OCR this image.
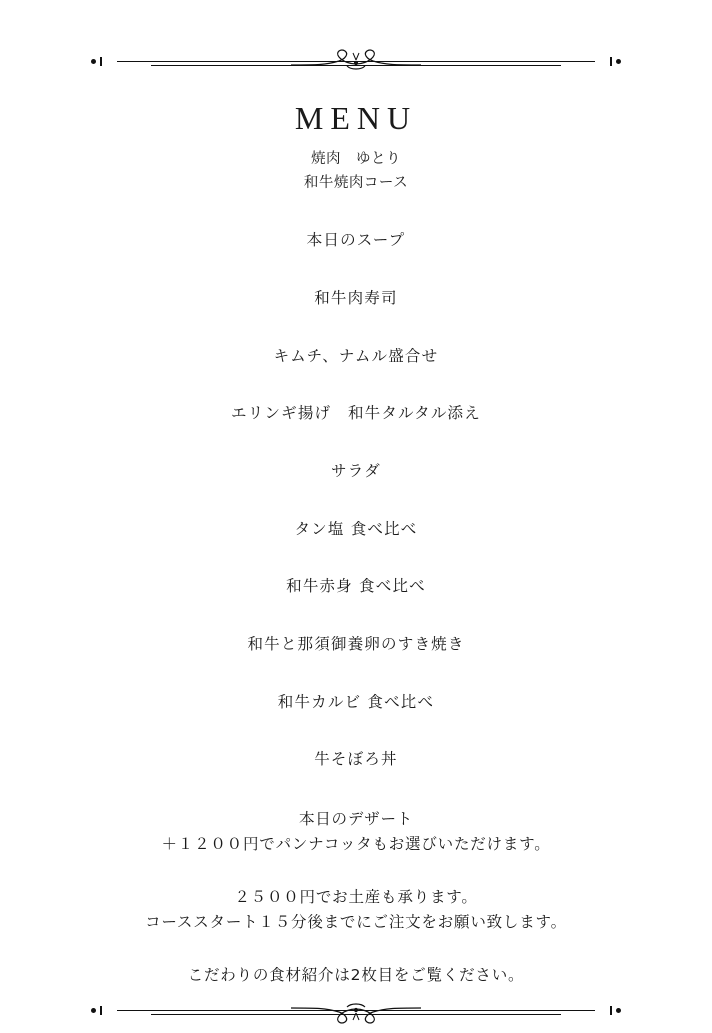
menu
焼肉　ゆとり
和牛焼肉コース
本日のスープ
和牛肉寿司
キムチ、ナムル盛合せ
エリンギ揚げ　和牛タルタル添え
サラダ
タン塩 食べ比べ
和牛赤身 食べ比べ
和牛と那須御養卵のすき焼き
和牛カルビ 食べ比べ
牛そぼろ丼
本日のデザート
＋１２００円でパンナコッタもお選びいただけます。
２５００円でお土産も承ります。
コーススタート１５分後までにご注文をお願い致します。
こだわりの食材紹介は2枚目をご覧ください。
